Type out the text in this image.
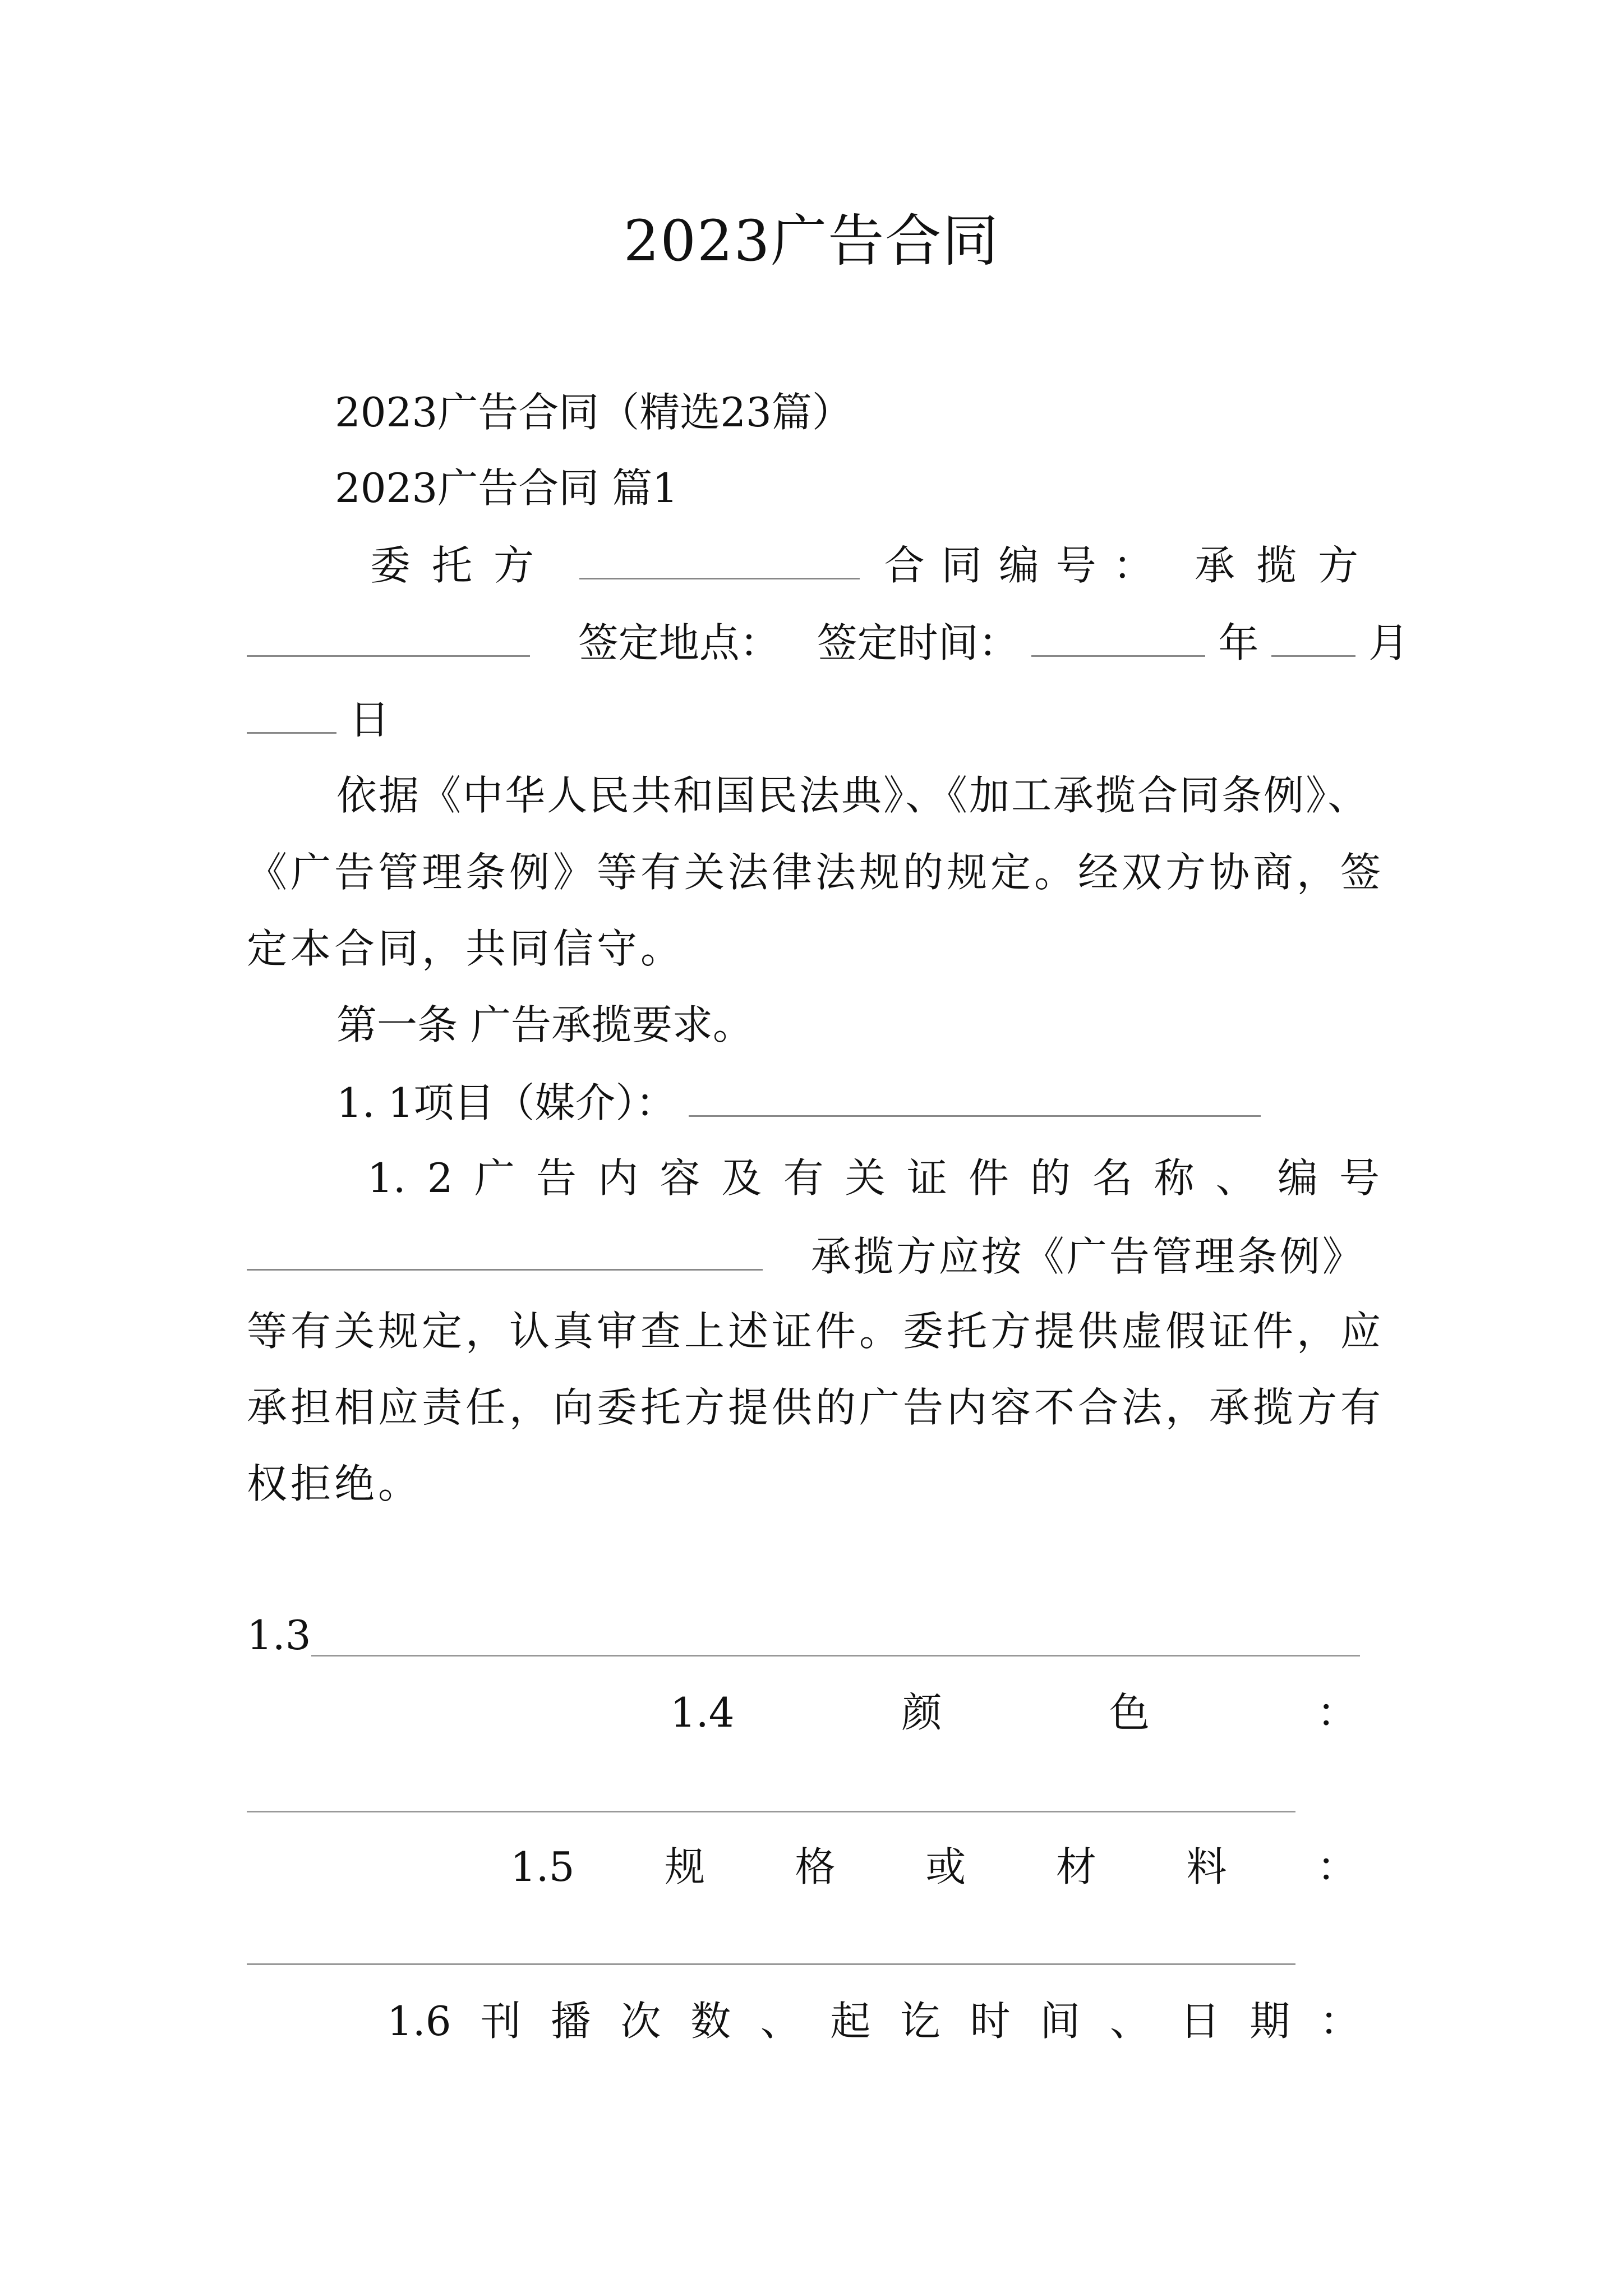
2023广告合同
2023广告合同（精选23篇）
2023广告合同 篇1
委托方	合同编号： 承揽方
签定地点： 签定时间：	年	月
日
依据《中华人民共和国民法典》、《加工承揽合同条例》、
《广告管理条例》等有关法律法规的规定。经双方协商，签
定本合同，共同信守。
第一条 广告承揽要求。
1. 1项目（媒介）：
1. 2 广 告 内 容 及 有 关 证 件 的 名 称 、 编 号
承揽方应按《广告管理条例》
等有关规定，认真审查上述证件。委托方提供虚假证件，应
承担相应责任，向委托方提供的广告内容不合法，承揽方有
权拒绝。
1.3
1.4	颜	色	：
1.5 规 格 或 材 料 ：
1.6 刊 播 次 数 、 起 讫 时 间 、 日 期 ：
